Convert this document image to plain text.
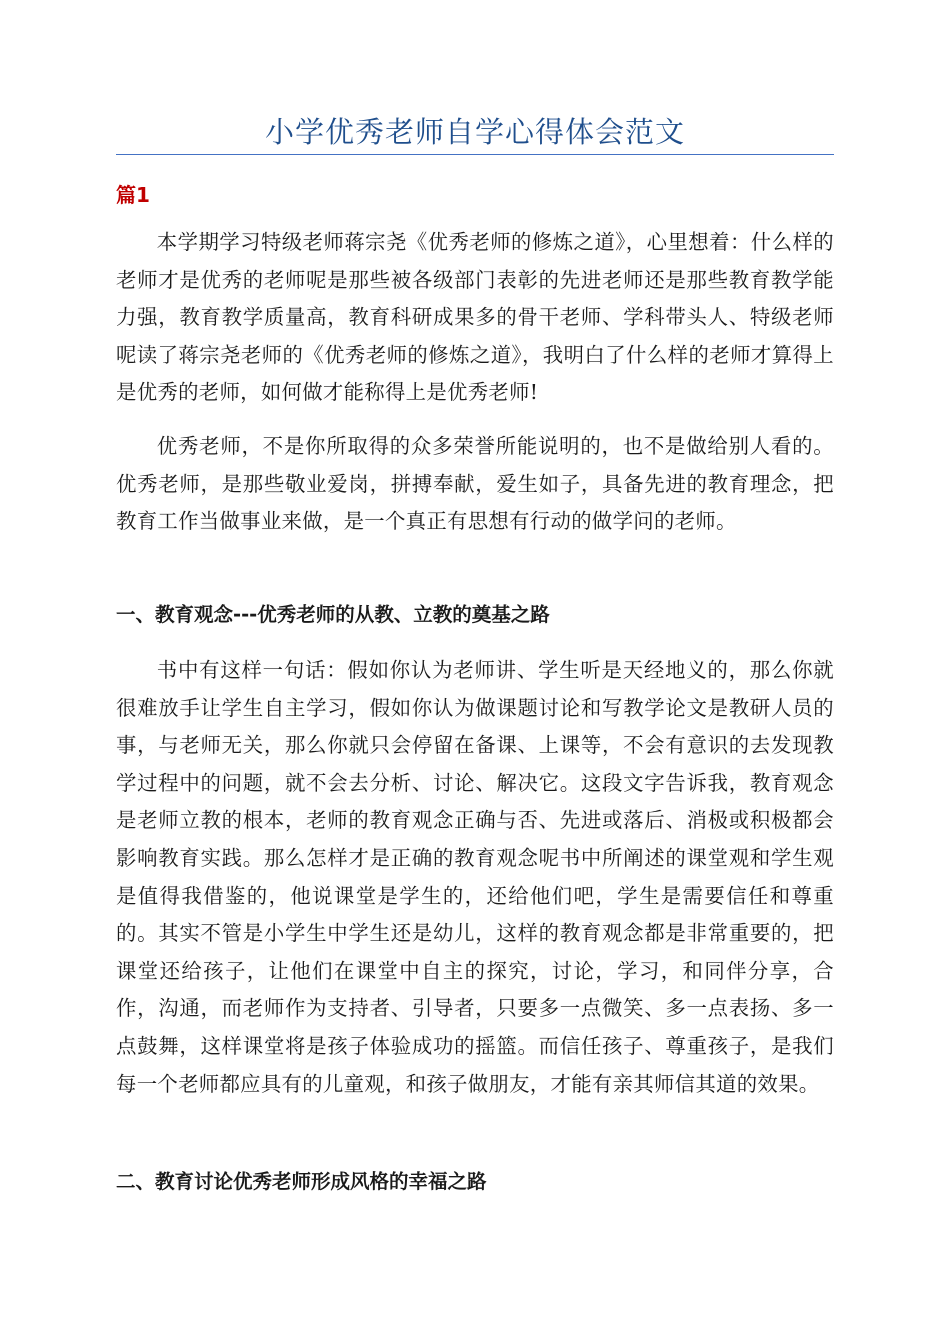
小学优秀老师自学心得体会范文
篇1

本学期学习特级老师蒋宗尧《优秀老师的修炼之道》，心里想着：什么样的老师才是优秀的老师呢是那些被各级部门表彰的先进老师还是那些教育教学能力强，教育教学质量高，教育科研成果多的骨干老师、学科带头人、特级老师呢读了蒋宗尧老师的《优秀老师的修炼之道》，我明白了什么样的老师才算得上是优秀的老师，如何做才能称得上是优秀老师!

优秀老师，不是你所取得的众多荣誉所能说明的，也不是做给别人看的。优秀老师，是那些敬业爱岗，拼搏奉献，爱生如子，具备先进的教育理念，把教育工作当做事业来做，是一个真正有思想有行动的做学问的老师。

一、教育观念---优秀老师的从教、立教的奠基之路

书中有这样一句话：假如你认为老师讲、学生听是天经地义的，那么你就很难放手让学生自主学习，假如你认为做课题讨论和写教学论文是教研人员的事，与老师无关，那么你就只会停留在备课、上课等，不会有意识的去发现教学过程中的问题，就不会去分析、讨论、解决它。这段文字告诉我，教育观念是老师立教的根本，老师的教育观念正确与否、先进或落后、消极或积极都会影响教育实践。那么怎样才是正确的教育观念呢书中所阐述的课堂观和学生观是值得我借鉴的，他说课堂是学生的，还给他们吧，学生是需要信任和尊重的。其实不管是小学生中学生还是幼儿，这样的教育观念都是非常重要的，把课堂还给孩子，让他们在课堂中自主的探究，讨论，学习，和同伴分享，合作，沟通，而老师作为支持者、引导者，只要多一点微笑、多一点表扬、多一点鼓舞，这样课堂将是孩子体验成功的摇篮。而信任孩子、尊重孩子，是我们每一个老师都应具有的儿童观，和孩子做朋友，才能有亲其师信其道的效果。

二、教育讨论优秀老师形成风格的幸福之路
